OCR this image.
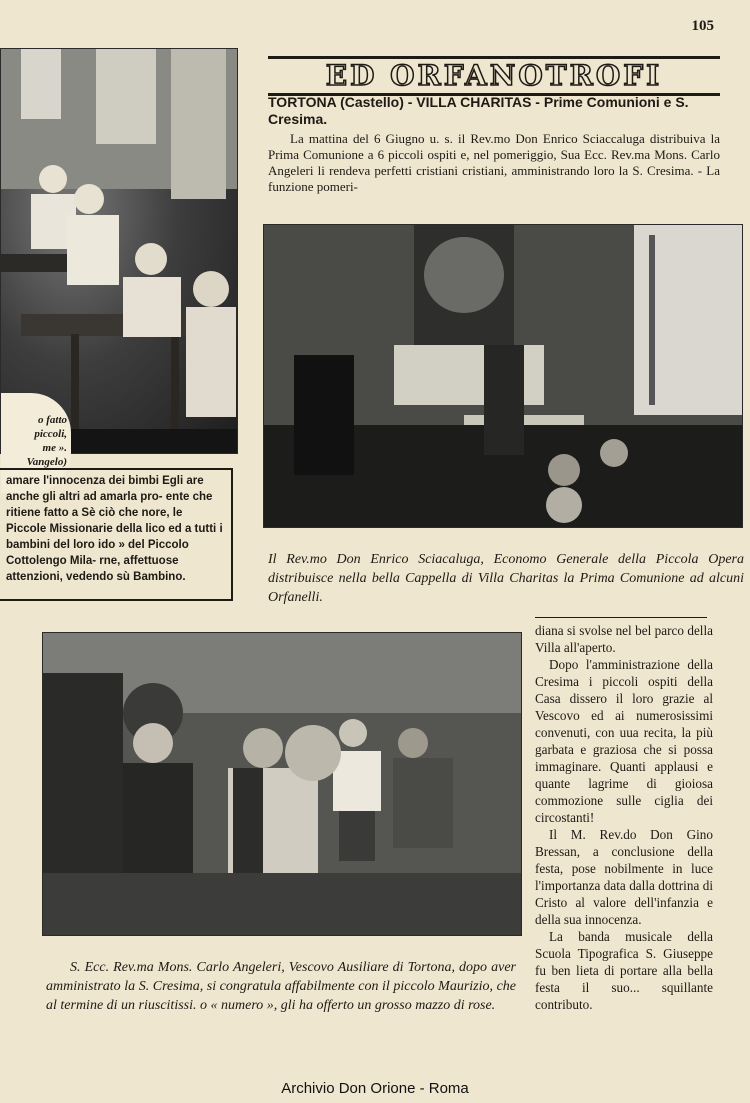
105
o fatto
piccoli,
me ».
Vangelo)
ED ORFANOTROFI
TORTONA (Castello) - VILLA CHARITAS - Prime Comunioni e S. Cresima.
La mattina del 6 Giugno u. s. il Rev.mo Don Enrico Sciaccaluga distribuiva la Prima Comunione a 6 piccoli ospiti e, nel pomeriggio, Sua Ecc. Rev.ma Mons. Carlo Angeleri li rendeva perfetti cristiani cristiani, amministrando loro la S. Cresima. - La funzione pomeri-
amare l'innocenza dei bimbi Egli are anche gli altri ad amarla pro- ente che ritiene fatto a Sè ciò che nore, le Piccole Missionarie della lico ed a tutti i bambini del loro ido » del Piccolo Cottolengo Mila- rne, affettuose attenzioni, vedendo sù Bambino.
Il Rev.mo Don Enrico Sciacaluga, Economo Generale della Piccola Opera distribuisce nella bella Cappella di Villa Charitas la Prima Comunione ad alcuni Orfanelli.
S. Ecc. Rev.ma Mons. Carlo Angeleri, Vescovo Ausiliare di Tortona, dopo aver amministrato la S. Cresima, si congratula affabilmente con il piccolo Maurizio, che al termine di un riuscitissi. o « numero », gli ha offerto un grosso mazzo di rose.

diana si svolse nel bel parco della Villa all'aperto.

Dopo l'amministrazione della Cresima i piccoli ospiti della Casa dissero il loro grazie al Vescovo ed ai numerosissimi convenuti, con uua recita, la più garbata e graziosa che si possa immaginare. Quanti applausi e quante lagrime di gioiosa commozione sulle ciglia dei circostanti!

Il M. Rev.do Don Gino Bressan, a conclusione della festa, pose nobilmente in luce l'importanza data dalla dottrina di Cristo al valore dell'infanzia e della sua innocenza.

La banda musicale della Scuola Tipografica S. Giuseppe fu ben lieta di portare alla bella festa il suo... squillante contributo.

Archivio Don Orione - Roma
